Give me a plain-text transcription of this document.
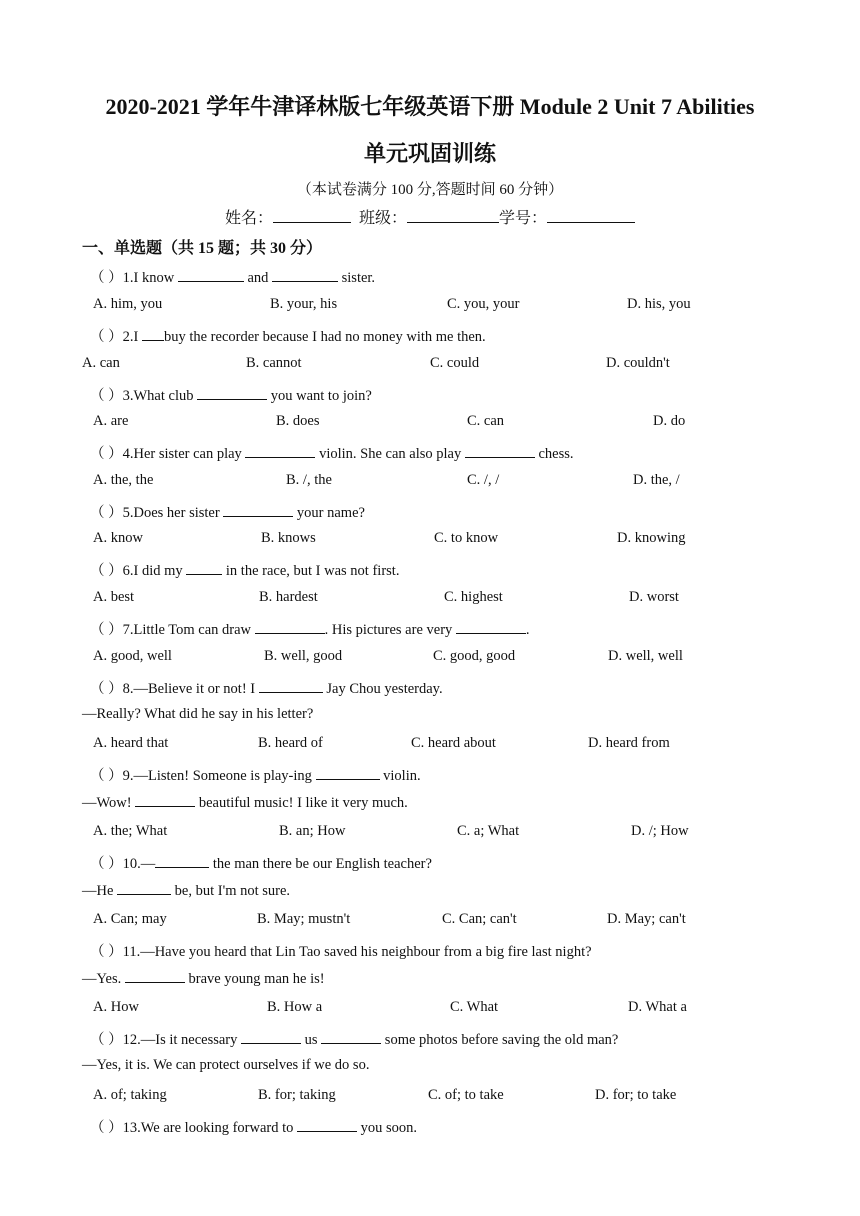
2020-2021 学年牛津译林版七年级英语下册 Module 2 Unit 7 Abilities
单元巩固训练
（本试卷满分 100 分,答题时间 60 分钟）
姓名：	班级：	学号：
一、单选题（共 15 题；共 30 分）
（ ）1.I know	and	sister.
A. him, you	B. your, his	C. you, your	D. his, you
（ ）2.I buy the recorder because I had no money with me then.
A. can	B. cannot	C. could	D. couldn't
（ ）3.What club	you want to join?
A. are	B. does	C. can	D. do
（ ）4.Her sister can play	violin. She can also play	chess.
A. the, the	B. /, the	C. /, /	D. the, /
（ ）5.Does her sister	your name?
A. know	B. knows	C. to know	D. knowing
（ ）6.I did my  in the race, but I was not first.
A. best	B. hardest	C. highest	D. worst
（ ）7.Little Tom can draw	. His pictures are very	.
A. good, well	B. well, good	C. good, good	D. well, well
（ ）8.—Believe it or not! I	Jay Chou yesterday.
—Really? What did he say in his letter?
A. heard that	B. heard of	C. heard about	D. heard from
（ ）9.—Listen! Someone is play-ing	violin.
—Wow!	beautiful music! I like it very much.
A. the; What	B. an; How	C. a; What	D. /; How
（ ）10.—	the man there be our English teacher?
—He	be, but I'm not sure.
A. Can; may	B. May; mustn't	C. Can; can't	D. May; can't
（ ）11.—Have you heard that Lin Tao saved his neighbour from a big fire last night?
—Yes.	brave young man he is!
A. How	B. How a	C. What	D. What a
（ ）12.—Is it necessary	us	some photos before saving the old man?
—Yes, it is. We can protect ourselves if we do so.
A. of; taking	B. for; taking	C. of; to take	D. for; to take
（ ）13.We are looking forward to	you soon.
